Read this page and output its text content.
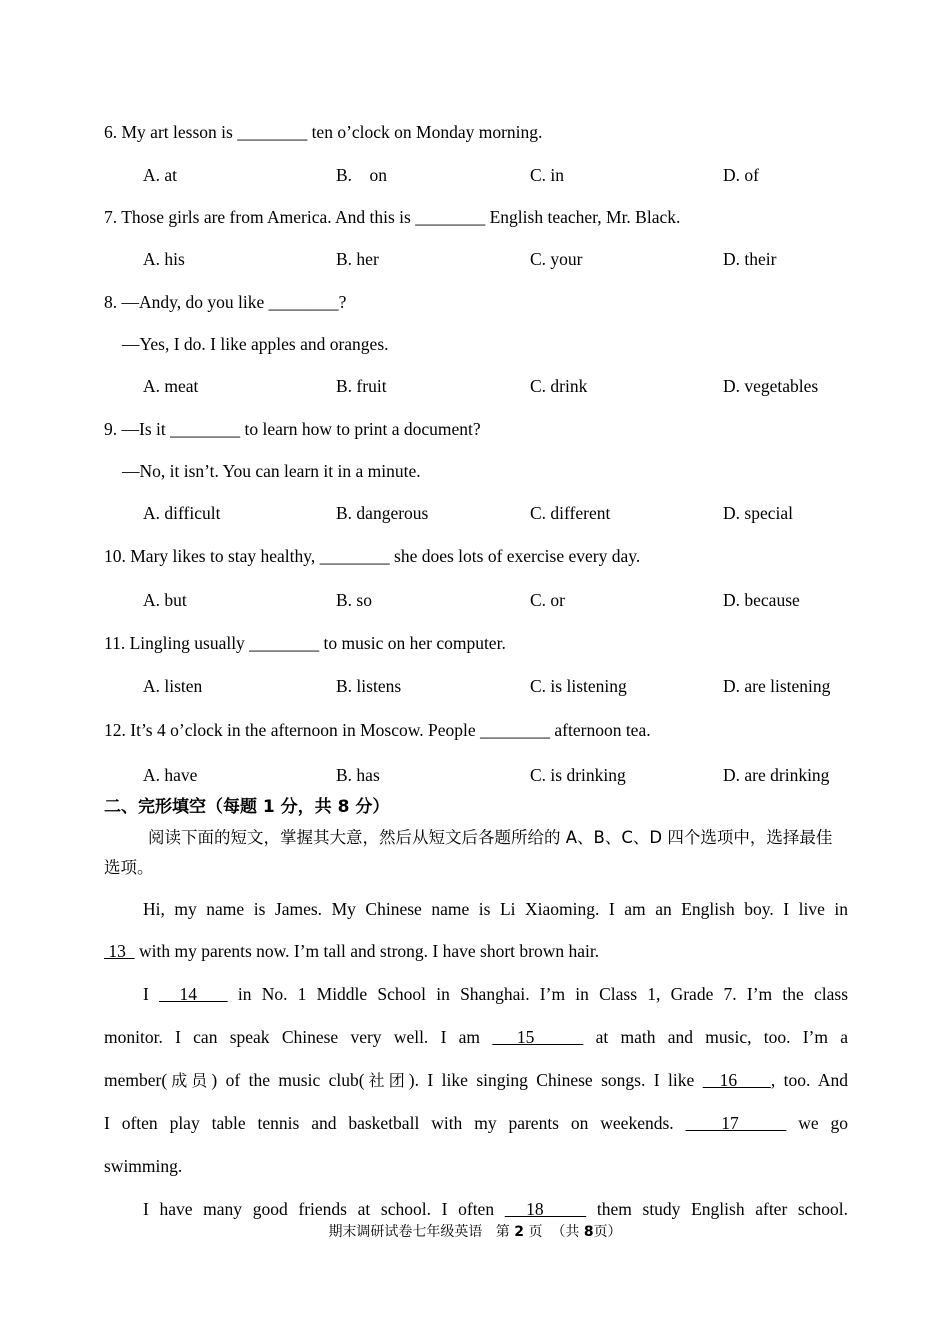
6. My art lesson is ________ ten o’clock on Monday morning.
A. at	B.    on	C. in	D. of
7. Those girls are from America. And this is ________ English teacher, Mr. Black.
A. his	B. her	C. your	D. their
8. —Andy, do you like ________?
—Yes, I do. I like apples and oranges.
A. meat	B. fruit	C. drink	D. vegetables
9. —Is it ________ to learn how to print a document?
—No, it isn’t. You can learn it in a minute.
A. difficult	B. dangerous	C. different	D. special
10. Mary likes to stay healthy, ________ she does lots of exercise every day.
A. but	B. so	C. or	D. because
11. Lingling usually ________ to music on her computer.
A. listen	B. listens	C. is listening	D. are listening
12. It’s 4 o’clock in the afternoon in Moscow. People ________ afternoon tea.
A. have	B. has	C. is drinking	D. are drinking
二、完形填空（每题 1 分，共 8 分）
阅读下面的短文，掌握其大意，然后从短文后各题所给的 A、B、C、D 四个选项中，选择最佳选项。
Hi, my name is James. My Chinese name is Li Xiaoming. I am an English boy. I live in
13   with my parents now. I’m tall and strong. I have short brown hair.
I   14    in No. 1 Middle School in Shanghai. I’m in Class 1, Grade 7. I’m the class
monitor. I can speak Chinese very well. I am   15     at math and music, too. I’m a
member(成员) of the music club(社团). I like singing Chinese songs. I like   16    , too. And
I often play table tennis and basketball with my parents on weekends.    17     we go
swimming.
I have many good friends at school. I often   18     them study English after school.
期末调研试卷七年级英语   第 2 页  （共 8页）
